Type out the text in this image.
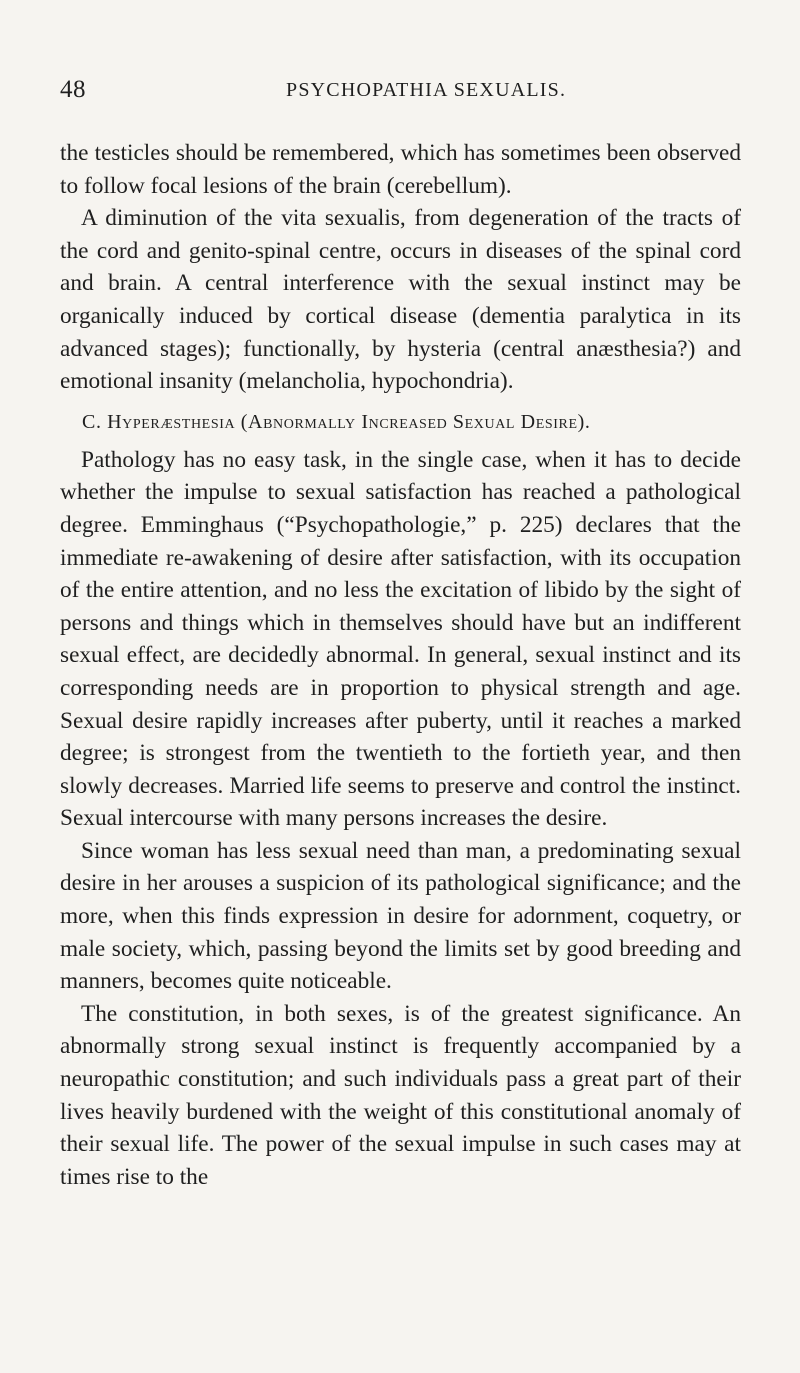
48	PSYCHOPATHIA SEXUALIS.

the testicles should be remembered, which has sometimes been observed to follow focal lesions of the brain (cerebellum).

A diminution of the vita sexualis, from degeneration of the tracts of the cord and genito-spinal centre, occurs in diseases of the spinal cord and brain. A central interference with the sexual instinct may be organically induced by cortical disease (dementia paralytica in its advanced stages); functionally, by hysteria (central anæsthesia?) and emotional insanity (melancholia, hypochondria).

C. Hyperæsthesia (Abnormally Increased Sexual Desire).

Pathology has no easy task, in the single case, when it has to decide whether the impulse to sexual satisfaction has reached a pathological degree. Emminghaus (“Psychopathologie,” p. 225) declares that the immediate re-awakening of desire after satisfaction, with its occupation of the entire attention, and no less the excitation of libido by the sight of persons and things which in themselves should have but an indifferent sexual effect, are decidedly abnormal. In general, sexual instinct and its corresponding needs are in proportion to physical strength and age. Sexual desire rapidly increases after puberty, until it reaches a marked degree; is strongest from the twentieth to the fortieth year, and then slowly decreases. Married life seems to preserve and control the instinct. Sexual intercourse with many persons increases the desire.

Since woman has less sexual need than man, a predominating sexual desire in her arouses a suspicion of its pathological significance; and the more, when this finds expression in desire for adornment, coquetry, or male society, which, passing beyond the limits set by good breeding and manners, becomes quite noticeable.

The constitution, in both sexes, is of the greatest significance. An abnormally strong sexual instinct is frequently accompanied by a neuropathic constitution; and such individuals pass a great part of their lives heavily burdened with the weight of this constitutional anomaly of their sexual life. The power of the sexual impulse in such cases may at times rise to the
